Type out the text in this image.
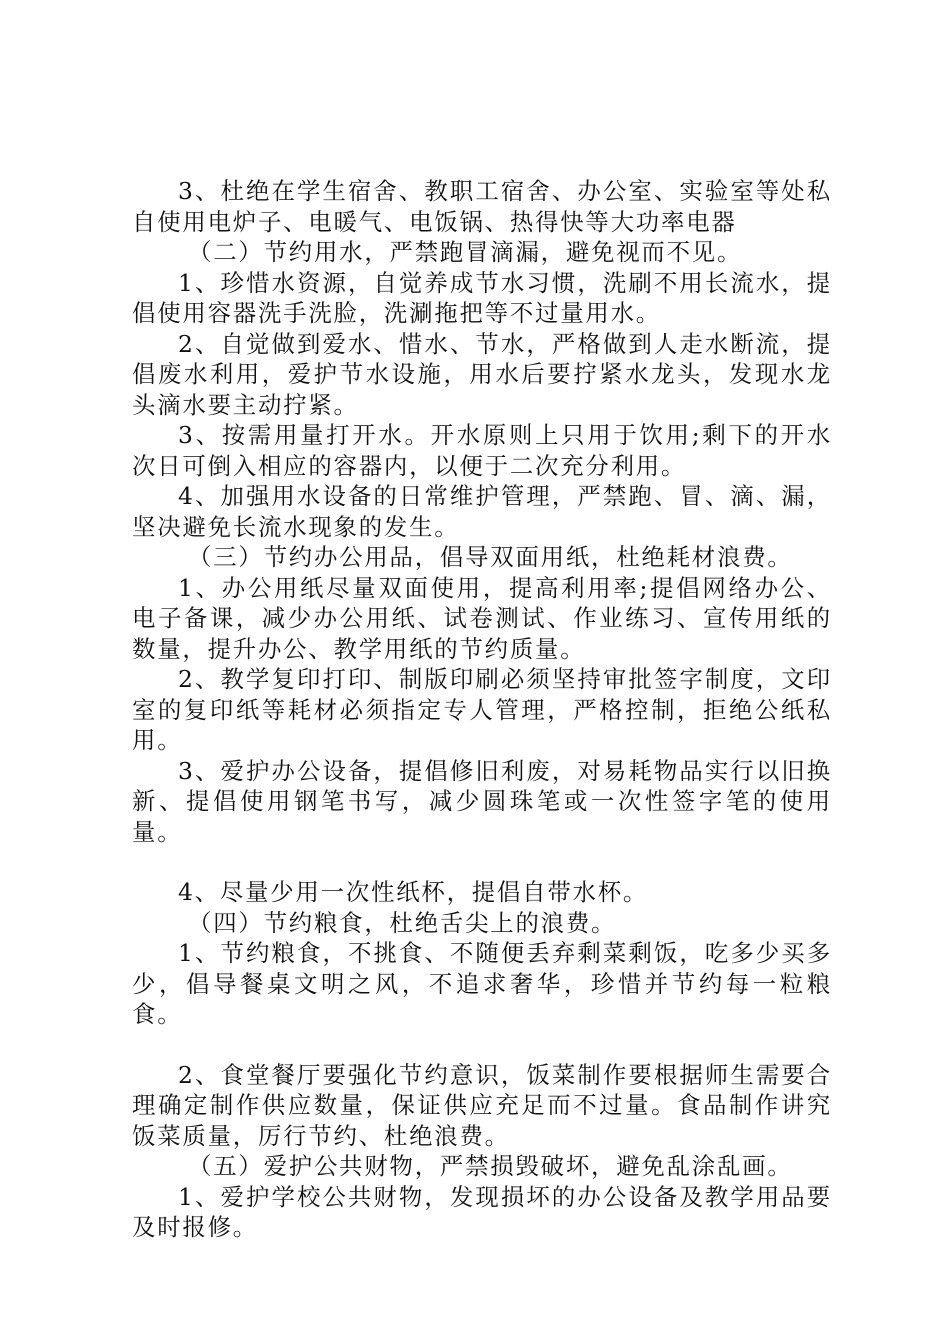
3、杜绝在学生宿舍、教职工宿舍、办公室、实验室等处私自使用电炉子、电暖气、电饭锅、热得快等大功率电器

（二）节约用水，严禁跑冒滴漏，避免视而不见。

1、珍惜水资源，自觉养成节水习惯，洗刷不用长流水，提倡使用容器洗手洗脸，洗涮拖把等不过量用水。

2、自觉做到爱水、惜水、节水，严格做到人走水断流，提倡废水利用，爱护节水设施，用水后要拧紧水龙头，发现水龙头滴水要主动拧紧。

3、按需用量打开水。开水原则上只用于饮用;剩下的开水次日可倒入相应的容器内，以便于二次充分利用。

4、加强用水设备的日常维护管理，严禁跑、冒、滴、漏，坚决避免长流水现象的发生。

（三）节约办公用品，倡导双面用纸，杜绝耗材浪费。

1、办公用纸尽量双面使用，提高利用率;提倡网络办公、电子备课，减少办公用纸、试卷测试、作业练习、宣传用纸的数量，提升办公、教学用纸的节约质量。

2、教学复印打印、制版印刷必须坚持审批签字制度，文印室的复印纸等耗材必须指定专人管理，严格控制，拒绝公纸私用。

3、爱护办公设备，提倡修旧利废，对易耗物品实行以旧换新、提倡使用钢笔书写，减少圆珠笔或一次性签字笔的使用量。

4、尽量少用一次性纸杯，提倡自带水杯。

（四）节约粮食，杜绝舌尖上的浪费。

1、节约粮食，不挑食、不随便丢弃剩菜剩饭，吃多少买多少，倡导餐桌文明之风，不追求奢华，珍惜并节约每一粒粮食。

2、食堂餐厅要强化节约意识，饭菜制作要根据师生需要合理确定制作供应数量，保证供应充足而不过量。食品制作讲究饭菜质量，厉行节约、杜绝浪费。

（五）爱护公共财物，严禁损毁破坏，避免乱涂乱画。

1、爱护学校公共财物，发现损坏的办公设备及教学用品要及时报修。
